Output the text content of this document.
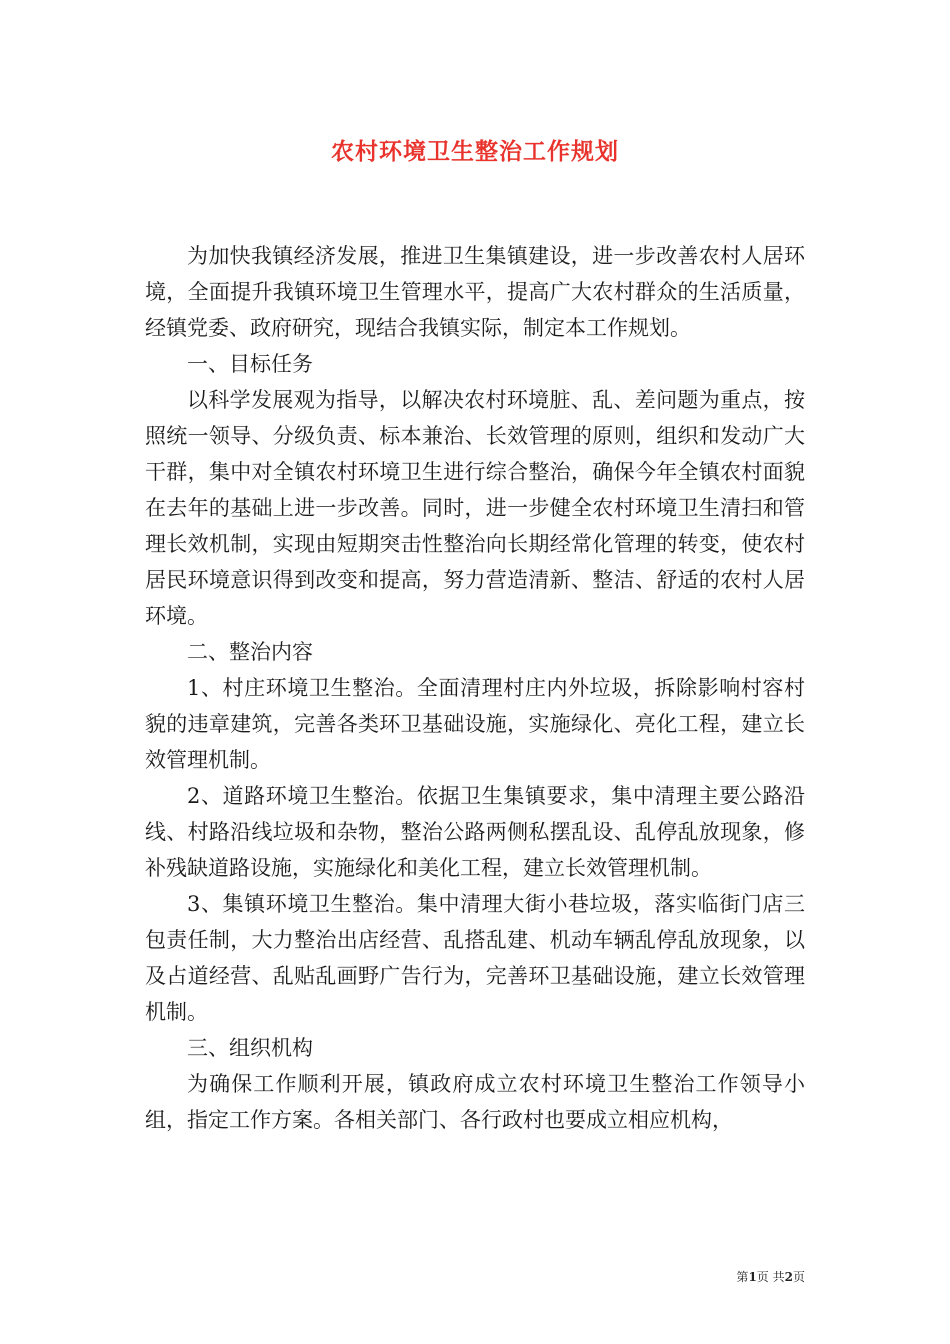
农村环境卫生整治工作规划

为加快我镇经济发展，推进卫生集镇建设，进一步改善农村人居环境，全面提升我镇环境卫生管理水平，提高广大农村群众的生活质量，经镇党委、政府研究，现结合我镇实际，制定本工作规划。

一、目标任务

以科学发展观为指导，以解决农村环境脏、乱、差问题为重点，按照统一领导、分级负责、标本兼治、长效管理的原则，组织和发动广大干群，集中对全镇农村环境卫生进行综合整治，确保今年全镇农村面貌在去年的基础上进一步改善。同时，进一步健全农村环境卫生清扫和管理长效机制，实现由短期突击性整治向长期经常化管理的转变，使农村居民环境意识得到改变和提高，努力营造清新、整洁、舒适的农村人居环境。

二、整治内容

1、村庄环境卫生整治。全面清理村庄内外垃圾，拆除影响村容村貌的违章建筑，完善各类环卫基础设施，实施绿化、亮化工程，建立长效管理机制。

2、道路环境卫生整治。依据卫生集镇要求，集中清理主要公路沿线、村路沿线垃圾和杂物，整治公路两侧私摆乱设、乱停乱放现象，修补残缺道路设施，实施绿化和美化工程，建立长效管理机制。

3、集镇环境卫生整治。集中清理大街小巷垃圾，落实临街门店三包责任制，大力整治出店经营、乱搭乱建、机动车辆乱停乱放现象，以及占道经营、乱贴乱画野广告行为，完善环卫基础设施，建立长效管理机制。

三、组织机构

为确保工作顺利开展，镇政府成立农村环境卫生整治工作领导小组，指定工作方案。各相关部门、各行政村也要成立相应机构，

第1页 共2页
